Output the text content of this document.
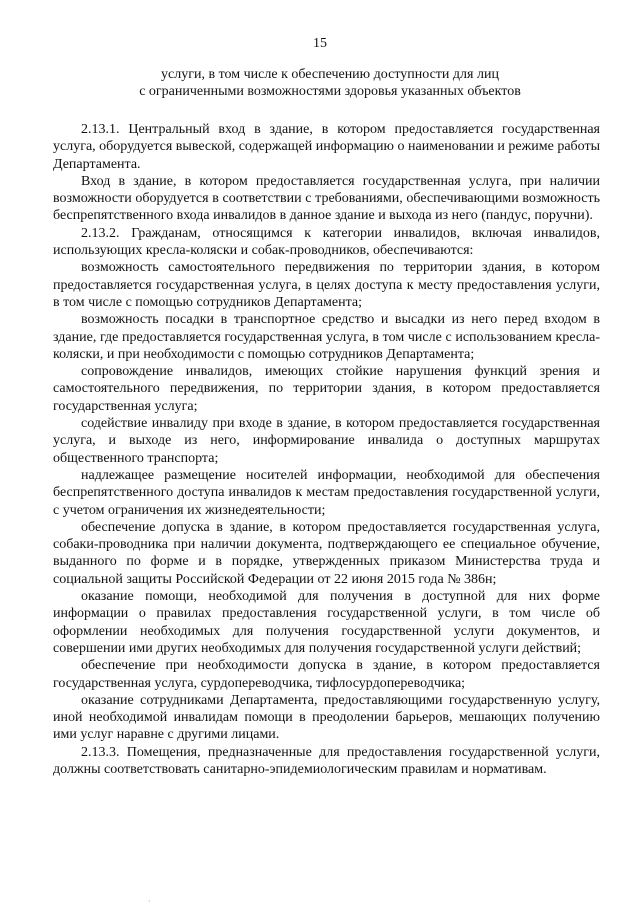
15
услуги, в том числе к обеспечению доступности для лиц
с ограниченными возможностями здоровья указанных объектов

2.13.1. Центральный вход в здание, в котором предоставляется государственная услуга, оборудуется вывеской, содержащей информацию о наименовании и режиме работы Департамента.

Вход в здание, в котором предоставляется государственная услуга, при наличии возможности оборудуется в соответствии с требованиями, обеспечивающими возможность беспрепятственного входа инвалидов в данное здание и выхода из него (пандус, поручни).

2.13.2. Гражданам, относящимся к категории инвалидов, включая инвалидов, использующих кресла-коляски и собак-проводников, обеспечиваются:

возможность самостоятельного передвижения по территории здания, в котором предоставляется государственная услуга, в целях доступа к месту предоставления услуги, в том числе с помощью сотрудников Департамента;

возможность посадки в транспортное средство и высадки из него перед входом в здание, где предоставляется государственная услуга, в том числе с использованием кресла-коляски, и при необходимости с помощью сотрудников Департамента;

сопровождение инвалидов, имеющих стойкие нарушения функций зрения и самостоятельного передвижения, по территории здания, в котором предоставляется государственная услуга;

содействие инвалиду при входе в здание, в котором предоставляется государственная услуга, и выходе из него, информирование инвалида о доступных маршрутах общественного транспорта;

надлежащее размещение носителей информации, необходимой для обеспечения беспрепятственного доступа инвалидов к местам предоставления государственной услуги, с учетом ограничения их жизнедеятельности;

обеспечение допуска в здание, в котором предоставляется государственная услуга, собаки-проводника при наличии документа, подтверждающего ее специальное обучение, выданного по форме и в порядке, утвержденных приказом Министерства труда и социальной защиты Российской Федерации от 22 июня 2015 года № 386н;

оказание помощи, необходимой для получения в доступной для них форме информации о правилах предоставления государственной услуги, в том числе об оформлении необходимых для получения государственной услуги документов, и совершении ими других необходимых для получения государственной услуги действий;

обеспечение при необходимости допуска в здание, в котором предоставляется государственная услуга, сурдопереводчика, тифлосурдопереводчика;

оказание сотрудниками Департамента, предоставляющими государственную услугу, иной необходимой инвалидам помощи в преодолении барьеров, мешающих получению ими услуг наравне с другими лицами.

2.13.3. Помещения, предназначенные для предоставления государственной услуги, должны соответствовать санитарно-эпидемиологическим правилам и нормативам.

·
